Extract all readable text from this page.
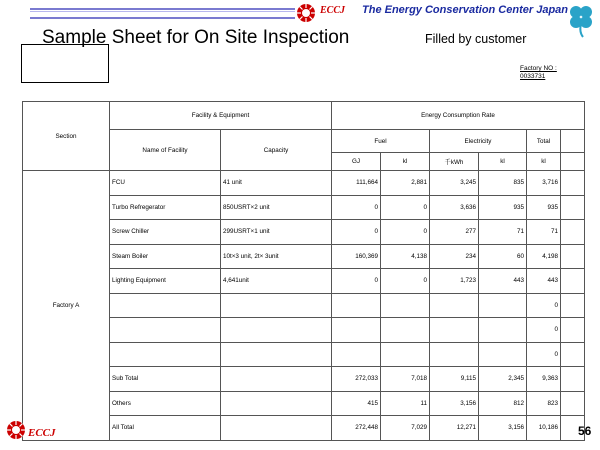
ECCJ The Energy Conservation Center Japan
Sample Sheet for On Site Inspection	Filled by customer
Factory NO :
0033731
Section	Facility & Equipment		Energy Consumption Rate					
	Name of Facility	Capacity	Fuel		Electricity		Total	
			GJ	kl	千kWh	kl	kl	
Factory A	FCU	41 unit	111,664	2,881	3,245	835	3,716	
	Turbo Refregerator	850USRT×2 unit	0	0	3,636	935	935	
	Screw Chiller	299USRT×1 unit	0	0	277	71	71	
	Steam Boiler	10t×3 unit, 2t× 3unit	160,369	4,138	234	60	4,198	
	Lighting Equipment	4,641unit	0	0	1,723	443	443	
							0	
							0	
							0	
	Sub Total		272,033	7,018	9,115	2,345	9,363	
	Others		415	11	3,156	812	823	
	All Total		272,448	7,029	12,271	3,156	10,186	
ECCJ	56
